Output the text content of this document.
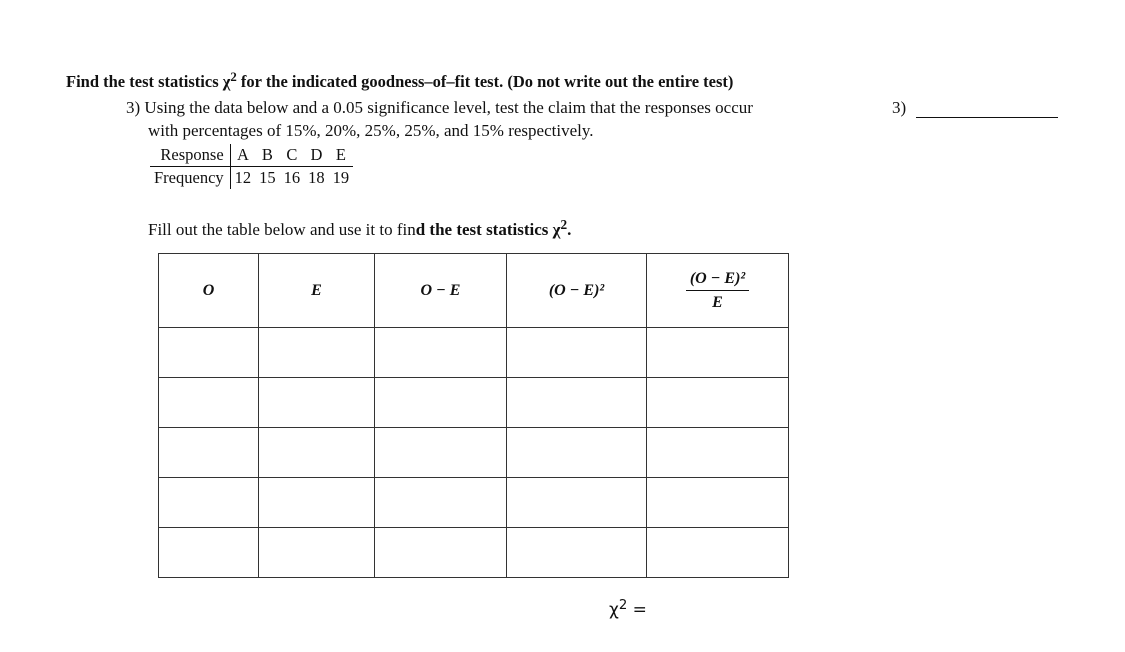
Find the test statistics $\chi^2$ for the indicated goodness–of–fit test. (Do not write out the entire test)
3) Using the data below and a 0.05 significance level, test the claim that the responses occur
with percentages of 15%, 20%, 25%, 25%, and 15% respectively.
3)
Response	A	B	C	D	E
Frequency	12	15	16	18	19
Fill out the table below and use it to find the test statistics $\chi^2$.
O	E	O − E	(O − E)²	$\frac{\text{(O − E)²}}{E}$

$\chi^2$ =
